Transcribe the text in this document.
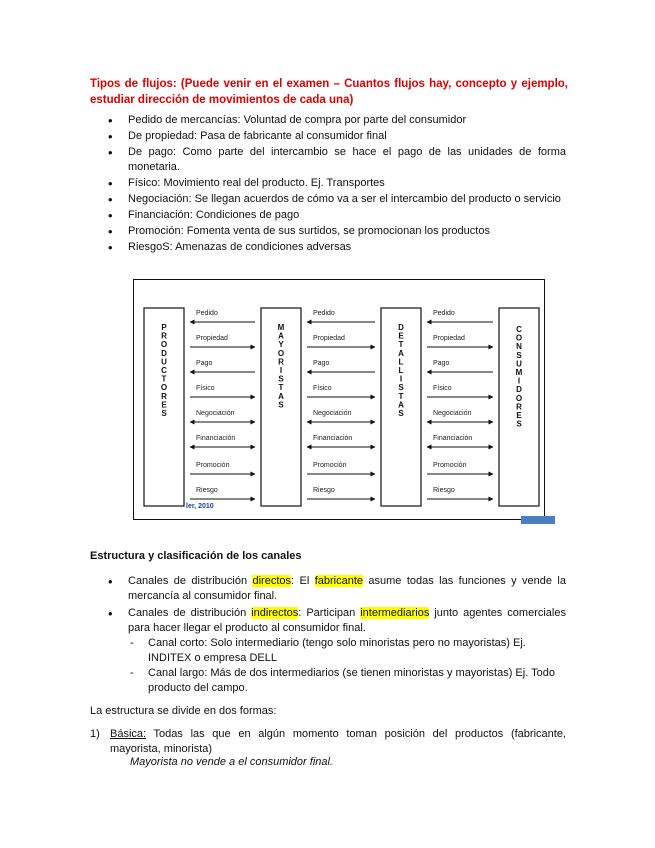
Tipos de flujos: (Puede venir en el examen – Cuantos flujos hay, concepto y ejemplo, estudiar dirección de movimientos de cada una)
• Pedido de mercancías: Voluntad de compra por parte del consumidor
• De propiedad: Pasa de fabricante al consumidor final
• De pago: Como parte del intercambio se hace el pago de las unidades de forma monetaria.
• Físico: Movimiento real del producto. Ej. Transportes
• Negociación: Se llegan acuerdos de cómo va a ser el intercambio del producto o servicio
• Financiación: Condiciones de pago
• Promoción: Fomenta venta de sus surtidos, se promocionan los productos
• RiesgoS: Amenazas de condiciones adversas
P
R
O
D
U
C
T
O
R
E
S
M
A
Y
O
R
I
S
T
A
S
D
E
T
A
L
L
I
S
T
A
S
C
O
N
S
U
M
I
D
O
R
E
S
Pedido
Propiedad
Pago
Físico
Negociación
Financiación
Promoción
Riesgo
Pedido
Propiedad
Pago
Físico
Negociación
Financiación
Promoción
Riesgo
Pedido
Propiedad
Pago
Físico
Negociación
Financiación
Promoción
Riesgo
ler, 2010
Estructura y clasificación de los canales
• Canales de distribución directos: El fabricante asume todas las funciones y vende la mercancía al consumidor final.
• Canales de distribución indirectos: Participan intermediarios junto agentes comerciales para hacer llegar el producto al consumidor final.
- Canal corto: Solo intermediario (tengo solo minoristas pero no mayoristas) Ej. INDITEX o empresa DELL
- Canal largo: Más de dos intermediarios (se tienen minoristas y mayoristas) Ej. Todo producto del campo.
La estructura se divide en dos formas:
1) Básica: Todas las que en algún momento toman posición del productos (fabricante, mayorista, minorista)
Mayorista no vende a el consumidor final.
